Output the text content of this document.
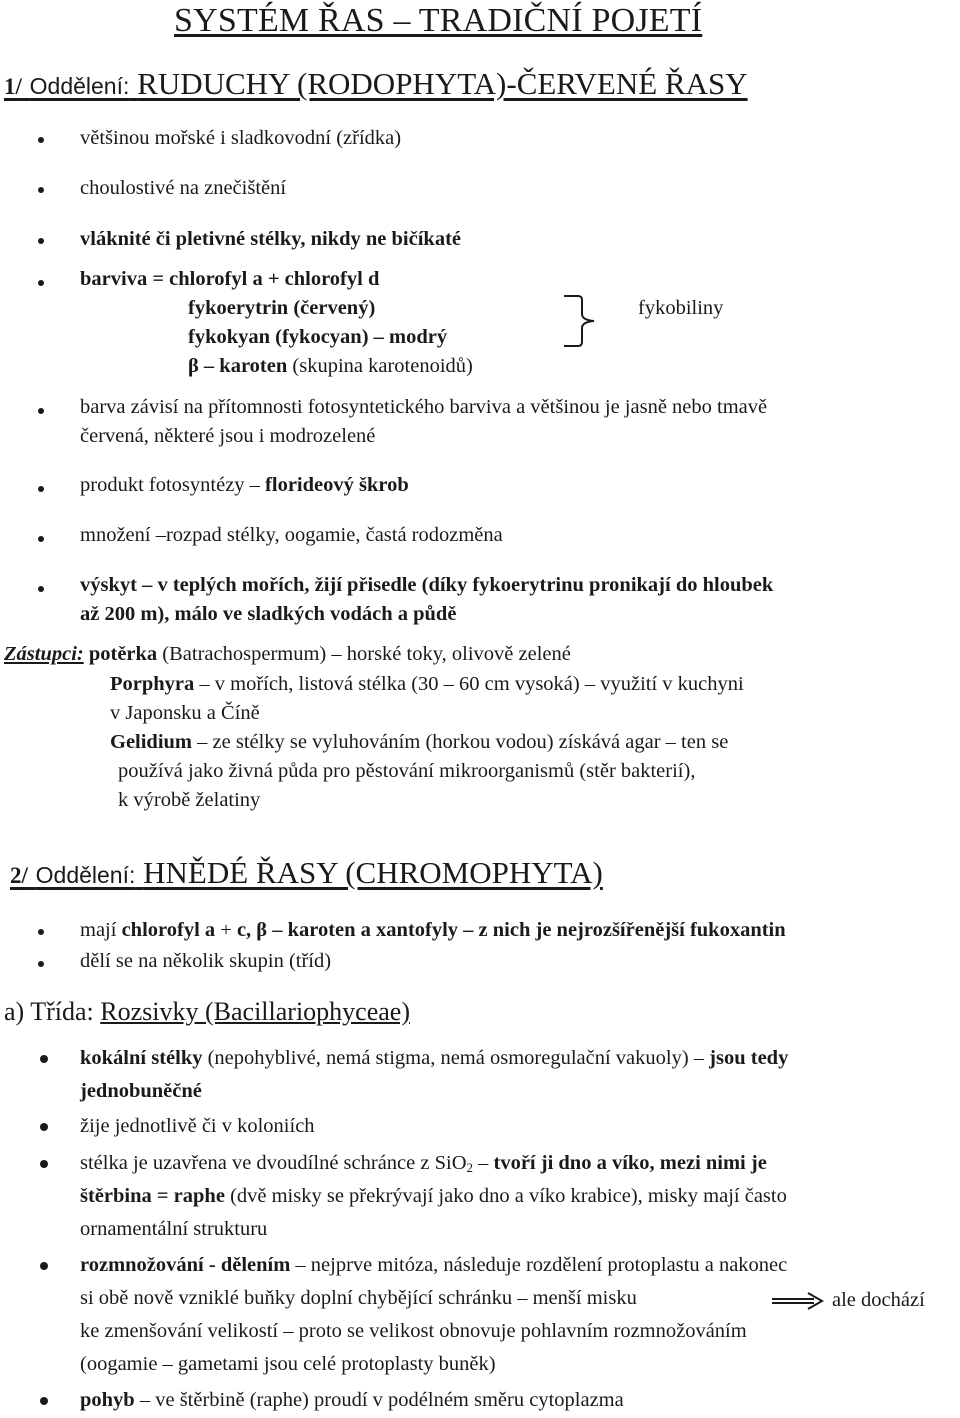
SYSTÉM ŘAS – TRADIČNÍ POJETÍ
1/ Oddělení: RUDUCHY (RODOPHYTA)-ČERVENÉ ŘASY
většinou mořské i sladkovodní (zřídka)
choulostivé na znečištění
vláknité či pletivné stélky, nikdy ne bičíkaté
barviva = chlorofyl a + chlorofyl d
fykoerytrin (červený)
fykokyan (fykocyan) – modrý
β – karoten (skupina karotenoidů)
fykobiliny
barva závisí na přítomnosti fotosyntetického barviva a většinou je jasně nebo tmavě
červená, některé jsou i modrozelené
produkt fotosyntézy – florideový škrob
množení –rozpad stélky, oogamie, častá rodozměna
výskyt – v teplých mořích, žijí přisedle (díky fykoerytrinu pronikají do hloubek
až 200 m), málo ve sladkých vodách a půdě
Zástupci: potěrka (Batrachospermum) – horské toky, olivově zelené
Porphyra – v mořích, listová stélka (30 – 60 cm vysoká) – využití v kuchyni
v Japonsku a Číně
Gelidium – ze stélky se vyluhováním (horkou vodou) získává agar – ten se
používá jako živná půda pro pěstování mikroorganismů (stěr bakterií),
k výrobě želatiny
2/ Oddělení: HNĚDÉ ŘASY (CHROMOPHYTA)
mají chlorofyl a + c, β – karoten a xantofyly – z nich je nejrozšířenější fukoxantin
dělí se na několik skupin (tříd)
a) Třída: Rozsivky (Bacillariophyceae)
kokální stélky (nepohyblivé, nemá stigma, nemá osmoregulační vakuoly) – jsou tedy
jednobuněčné
žije jednotlivě či v koloniích
stélka je uzavřena ve dvoudílné schránce z SiO$_2$ – tvoří ji dno a víko, mezi nimi je
štěrbina = raphe (dvě misky se překrývají jako dno a víko krabice), misky mají často
ornamentální strukturu
rozmnožování - dělením – nejprve mitóza, následuje rozdělení protoplastu a nakonec
si obě nově vzniklé buňky doplní chybějící schránku – menší misku	ale dochází
ke zmenšování velikostí – proto se velikost obnovuje pohlavním rozmnožováním
(oogamie – gametami jsou celé protoplasty buněk)
pohyb – ve štěrbině (raphe) proudí v podélném směru cytoplazma
